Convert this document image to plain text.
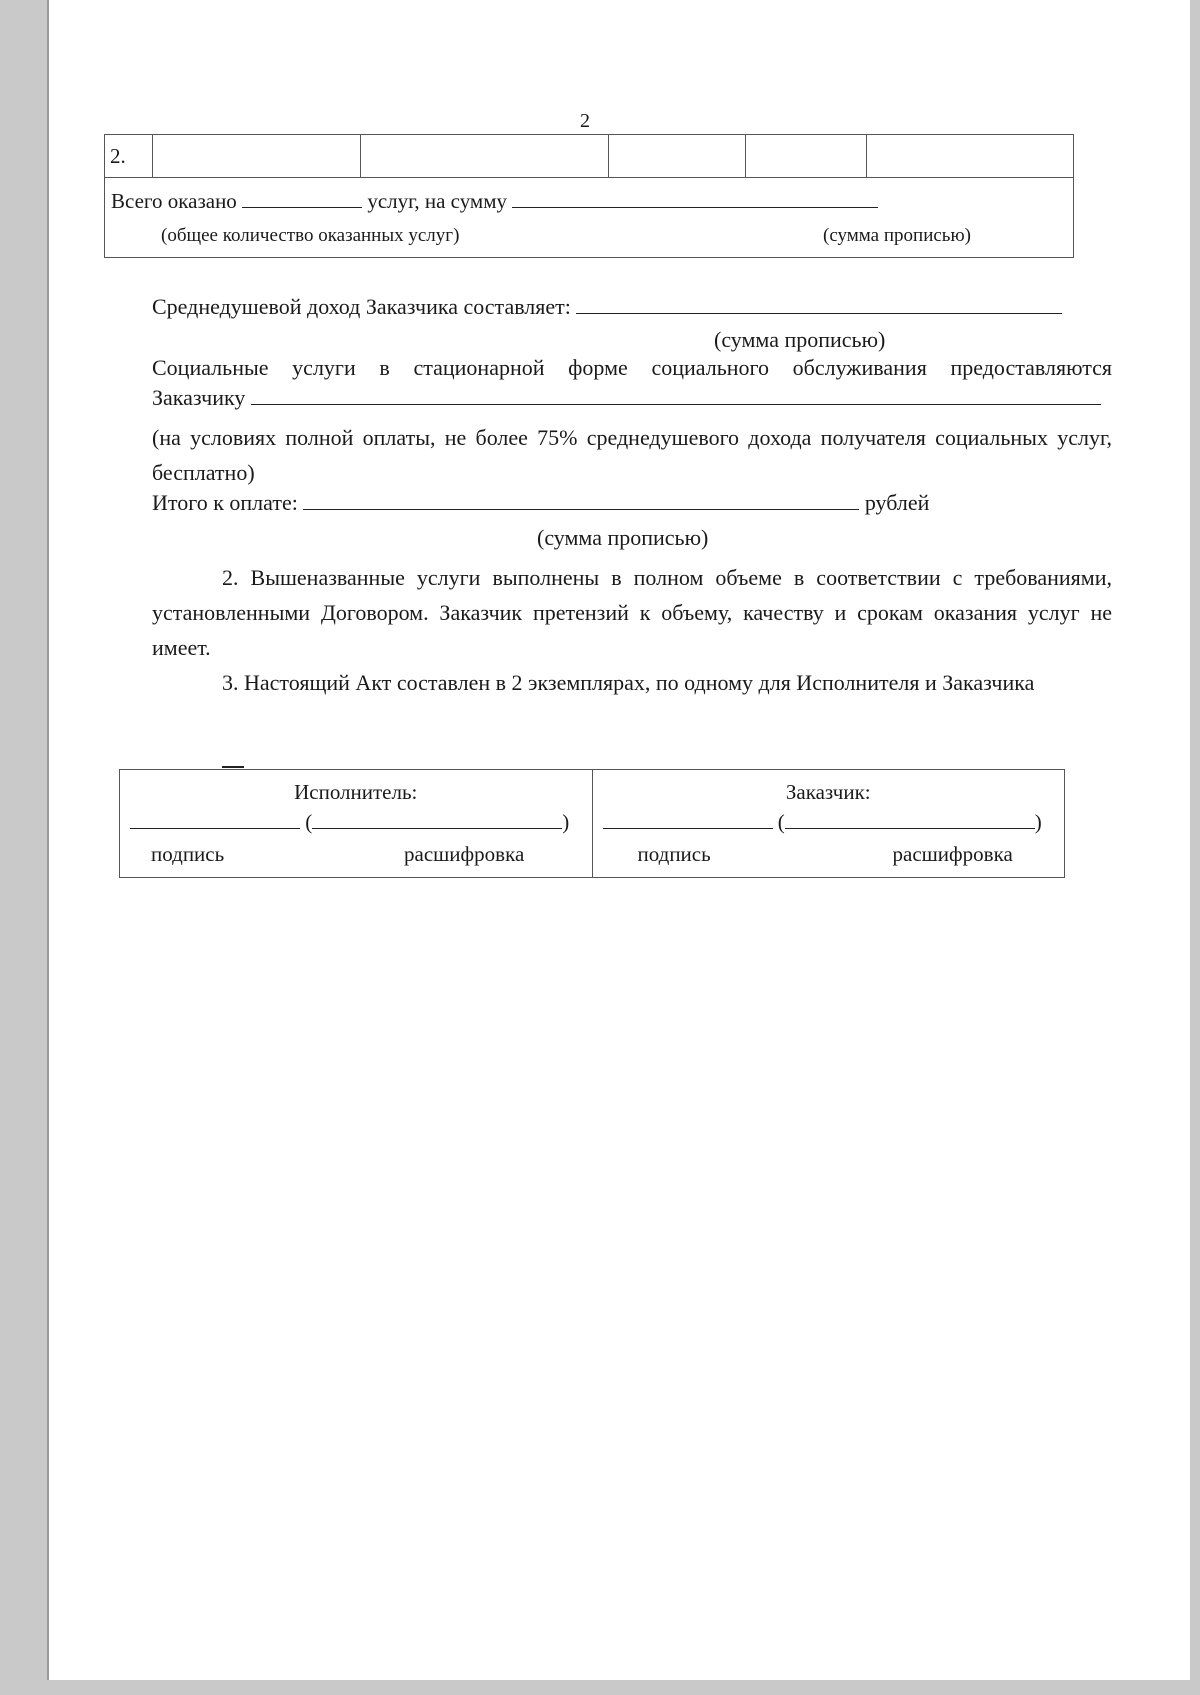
2
2.
Всего оказано	услуг, на сумму
(общее количество оказанных услуг)	(сумма прописью)
Среднедушевой доход Заказчика составляет:
(сумма прописью)
Социальные услуги в стационарной форме социального обслуживания предоставляются
Заказчику
(на условиях полной оплаты, не более 75% среднедушевого дохода получателя социальных услуг, бесплатно)
Итого к оплате:	рублей
(сумма прописью)
2. Вышеназванные услуги выполнены в полном объеме в соответствии с требованиями, установленными Договором. Заказчик претензий к объему, качеству и срокам оказания услуг не имеет.
3. Настоящий Акт составлен в 2 экземплярах, по одному для Исполнителя и Заказчика
Исполнитель:
(	)
подпись	расшифровка
Заказчик:
(	)
подпись	расшифровка
